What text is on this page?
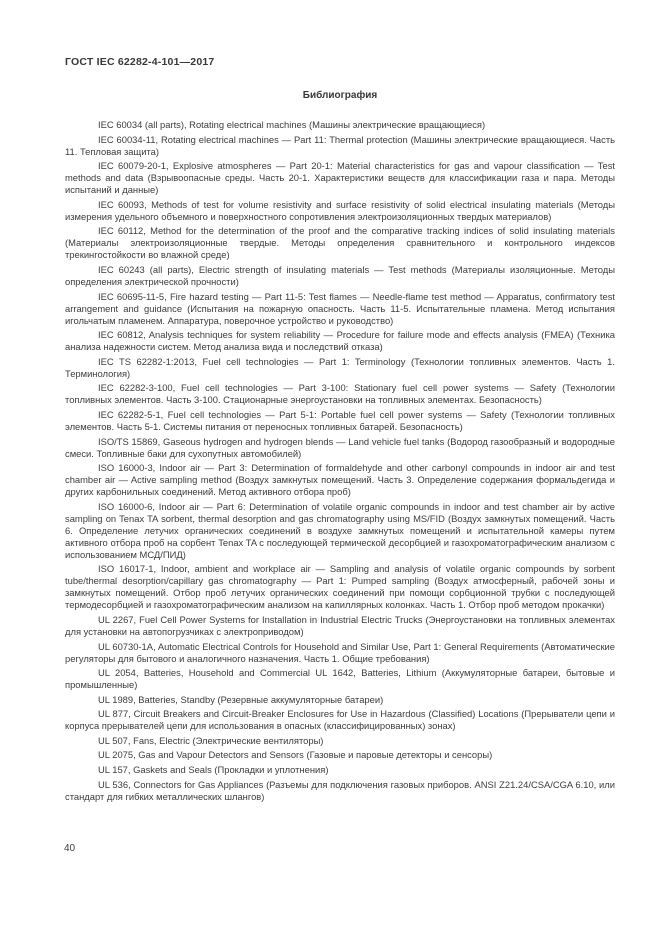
ГОСТ IEC 62282-4-101—2017
Библиография

IEC 60034 (all parts), Rotating electrical machines (Машины электрические вращающиеся)

IEC 60034-11, Rotating electrical machines — Part 11: Thermal protection (Машины электрические вращающиеся. Часть 11. Тепловая защита)

IEC 60079-20-1, Explosive atmospheres — Part 20-1: Material characteristics for gas and vapour classification — Test methods and data (Взрывоопасные среды. Часть 20-1. Характеристики веществ для классификации газа и пара. Методы испытаний и данные)

IEC 60093, Methods of test for volume resistivity and surface resistivity of solid electrical insulating materials (Методы измерения удельного объемного и поверхностного сопротивления электроизоляционных твердых материалов)

IEC 60112, Method for the determination of the proof and the comparative tracking indices of solid insulating materials (Материалы электроизоляционные твердые. Методы определения сравнительного и контрольного индексов трекингостойкости во влажной среде)

IEC 60243 (all parts), Electric strength of insulating materials — Test methods (Материалы изоляционные. Методы определения электрической прочности)

IEC 60695-11-5, Fire hazard testing — Part 11-5: Test flames — Needle-flame test method — Apparatus, confirmatory test arrangement and guidance (Испытания на пожарную опасность. Часть 11-5. Испытательные пламена. Метод испытания игольчатым пламенем. Аппаратура, поверочное устройство и руководство)

IEC 60812, Analysis techniques for system reliability — Procedure for failure mode and effects analysis (FMEA) (Техника анализа надежности систем. Метод анализа вида и последствий отказа)

IEC TS 62282-1:2013, Fuel cell technologies — Part 1: Terminology (Технологии топливных элементов. Часть 1. Терминология)

IEC 62282-3-100, Fuel cell technologies — Part 3-100: Stationary fuel cell power systems — Safety (Технологии топливных элементов. Часть 3-100. Стационарные энергоустановки на топливных элементах. Безопасность)

IEC 62282-5-1, Fuel cell technologies — Part 5-1: Portable fuel cell power systems — Safety (Технологии топливных элементов. Часть 5-1. Системы питания от переносных топливных батарей. Безопасность)

ISO/TS 15869, Gaseous hydrogen and hydrogen blends — Land vehicle fuel tanks (Водород газообразный и водородные смеси. Топливные баки для сухопутных автомобилей)

ISO 16000-3, Indoor air — Part 3: Determination of formaldehyde and other carbonyl compounds in indoor air and test chamber air — Active sampling method (Воздух замкнутых помещений. Часть 3. Определение содержания формальдегида и других карбонильных соединений. Метод активного отбора проб)

ISO 16000-6, Indoor air — Part 6: Determination of volatile organic compounds in indoor and test chamber air by active sampling on Tenax TA sorbent, thermal desorption and gas chromatography using MS/FID (Воздух замкнутых помещений. Часть 6. Определение летучих органических соединений в воздухе замкнутых помещений и испытательной камеры путем активного отбора проб на сорбент Tenax TA с последующей термической десорбцией и газохроматографическим анализом с использованием МСД/ПИД)

ISO 16017-1, Indoor, ambient and workplace air — Sampling and analysis of volatile organic compounds by sorbent tube/thermal desorption/capillary gas chromatography — Part 1: Pumped sampling (Воздух атмосферный, рабочей зоны и замкнутых помещений. Отбор проб летучих органических соединений при помощи сорбционной трубки с последующей термодесорбцией и газохроматографическим анализом на капиллярных колонках. Часть 1. Отбор проб методом прокачки)

UL 2267, Fuel Cell Power Systems for Installation in Industrial Electric Trucks (Энергоустановки на топливных элементах для установки на автопогрузчиках с электроприводом)

UL 60730-1A, Automatic Electrical Controls for Household and Similar Use, Part 1: General Requirements (Автоматические регуляторы для бытового и аналогичного назначения. Часть 1. Общие требования)

UL 2054, Batteries, Household and Commercial UL 1642, Batteries, Lithium (Аккумуляторные батареи, бытовые и промышленные)

UL 1989, Batteries, Standby (Резервные аккумуляторные батареи)

UL 877, Circuit Breakers and Circuit-Breaker Enclosures for Use in Hazardous (Classified) Locations (Прерыватели цепи и корпуса прерывателей цепи для использования в опасных (классифицированных) зонах)

UL 507, Fans, Electric (Электрические вентиляторы)

UL 2075, Gas and Vapour Detectors and Sensors (Газовые и паровые детекторы и сенсоры)

UL 157, Gaskets and Seals (Прокладки и уплотнения)

UL 536, Connectors for Gas Appliances (Разъемы для подключения газовых приборов. ANSI Z21.24/CSA/CGA 6.10, или стандарт для гибких металлических шлангов)

40
